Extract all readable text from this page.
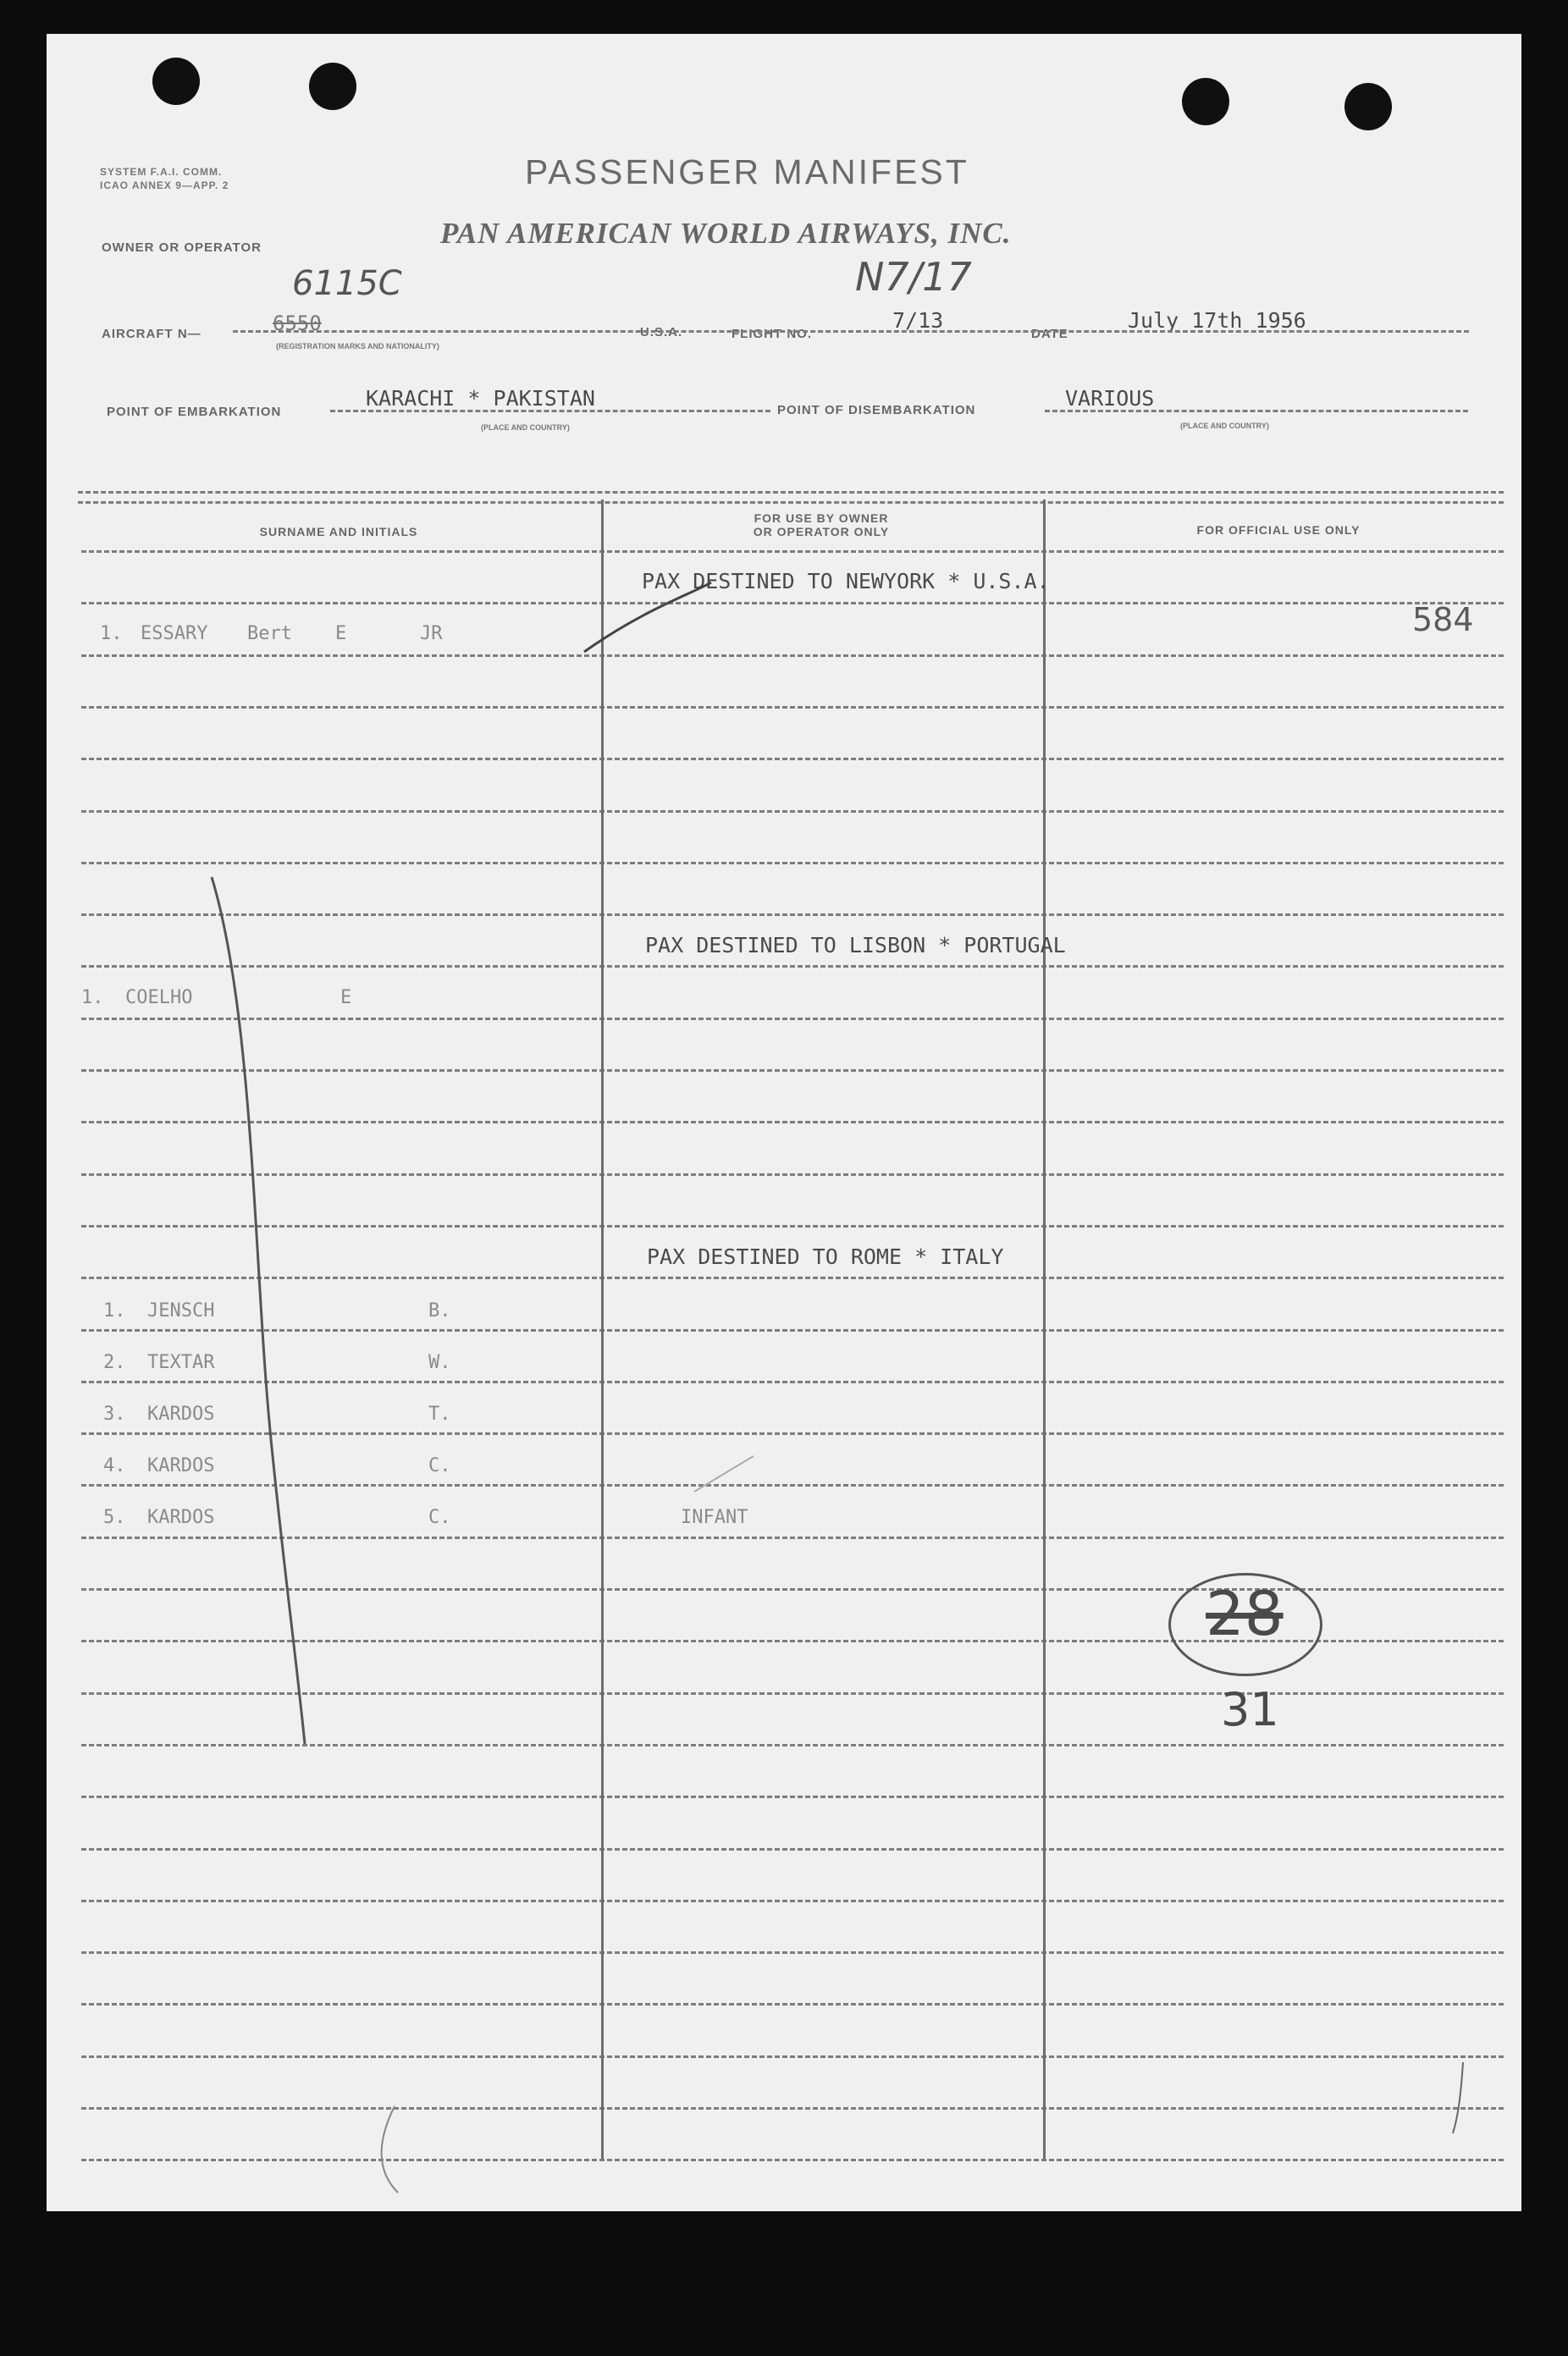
SYSTEM F.A.I. COMM.
ICAO ANNEX 9—APP. 2	PASSENGER MANIFEST
OWNER OR OPERATOR	PAN AMERICAN WORLD AIRWAYS, INC.
6115C	N7/17
AIRCRAFT N—	6550
(REGISTRATION MARKS AND NATIONALITY)
U.S.A.	FLIGHT NO.
7/13
DATE
July 17th 1956
POINT OF EMBARKATION
KARACHI * PAKISTAN
(PLACE AND COUNTRY)
POINT OF DISEMBARKATION	VARIOUS
(PLACE AND COUNTRY)
SURNAME AND INITIALS
FOR USE BY OWNER
OR OPERATOR ONLY	FOR OFFICIAL USE ONLY
PAX DESTINED TO NEWYORK * U.S.A.
1. ESSARY Bert E	JR	584
PAX DESTINED TO LISBON * PORTUGAL
1. COELHO	E
PAX DESTINED TO ROME * ITALY
1. JENSCH	B.
2. TEXTAR	W.
3. KARDOS	T.
4. KARDOS	C.
5. KARDOS	C.	INFANT
28
31
